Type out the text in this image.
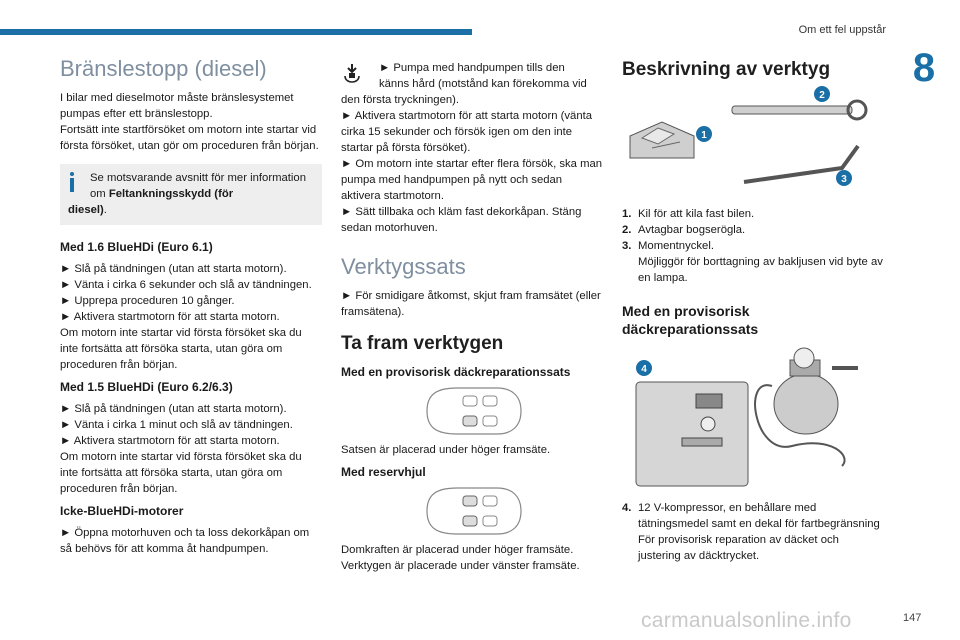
Om ett fel uppstår
8
Bränslestopp (diesel)

I bilar med dieselmotor måste bränslesystemet pumpas efter ett bränslestopp.

Fortsätt inte startförsöket om motorn inte startar vid första försöket, utan gör om proceduren från början.

Se motsvarande avsnitt för mer information om Feltankningsskydd (för

diesel).

Med 1.6 BlueHDi (Euro 6.1)

► Slå på tändningen (utan att starta motorn).

► Vänta i cirka 6 sekunder och slå av tändningen.

► Upprepa proceduren 10 gånger.

► Aktivera startmotorn för att starta motorn.

Om motorn inte startar vid första försöket ska du inte fortsätta att försöka starta, utan göra om proceduren från början.

Med 1.5 BlueHDi (Euro 6.2/6.3)

► Slå på tändningen (utan att starta motorn).

► Vänta i cirka 1 minut och slå av tändningen.

► Aktivera startmotorn för att starta motorn.

Om motorn inte startar vid första försöket ska du inte fortsätta att försöka starta, utan göra om proceduren från början.

Icke-BlueHDi-motorer

► Öppna motorhuven och ta loss dekorkåpan om så behövs för att komma åt handpumpen.

► Pumpa med handpumpen tills den

känns hård (motstånd kan förekomma vid den första tryckningen).

► Aktivera startmotorn för att starta motorn (vänta cirka 15 sekunder och försök igen om den inte startar på första försöket).

► Om motorn inte startar efter flera försök, ska man pumpa med handpumpen på nytt och sedan aktivera startmotorn.

► Sätt tillbaka och kläm fast dekorkåpan. Stäng sedan motorhuven.

Verktygssats

► För smidigare åtkomst, skjut fram framsätet (eller framsätena).

Ta fram verktygen
Med en provisorisk däckreparationssats

Satsen är placerad under höger framsäte.

Med reservhjul

Domkraften är placerad under höger framsäte.

Verktygen är placerade under vänster framsäte.

Beskrivning av verktyg
1
2
3
1. Kil för att kila fast bilen.
2. Avtagbar bogserögla.
3. Momentnyckel.
Möjliggör för borttagning av bakljusen vid byte av en lampa.
Med en provisorisk däckreparationssats
4
4. 12 V-kompressor, en behållare med tätningsmedel samt en dekal för fartbegränsning
För provisorisk reparation av däcket och justering av däcktrycket.
carmanualsonline.info	147
